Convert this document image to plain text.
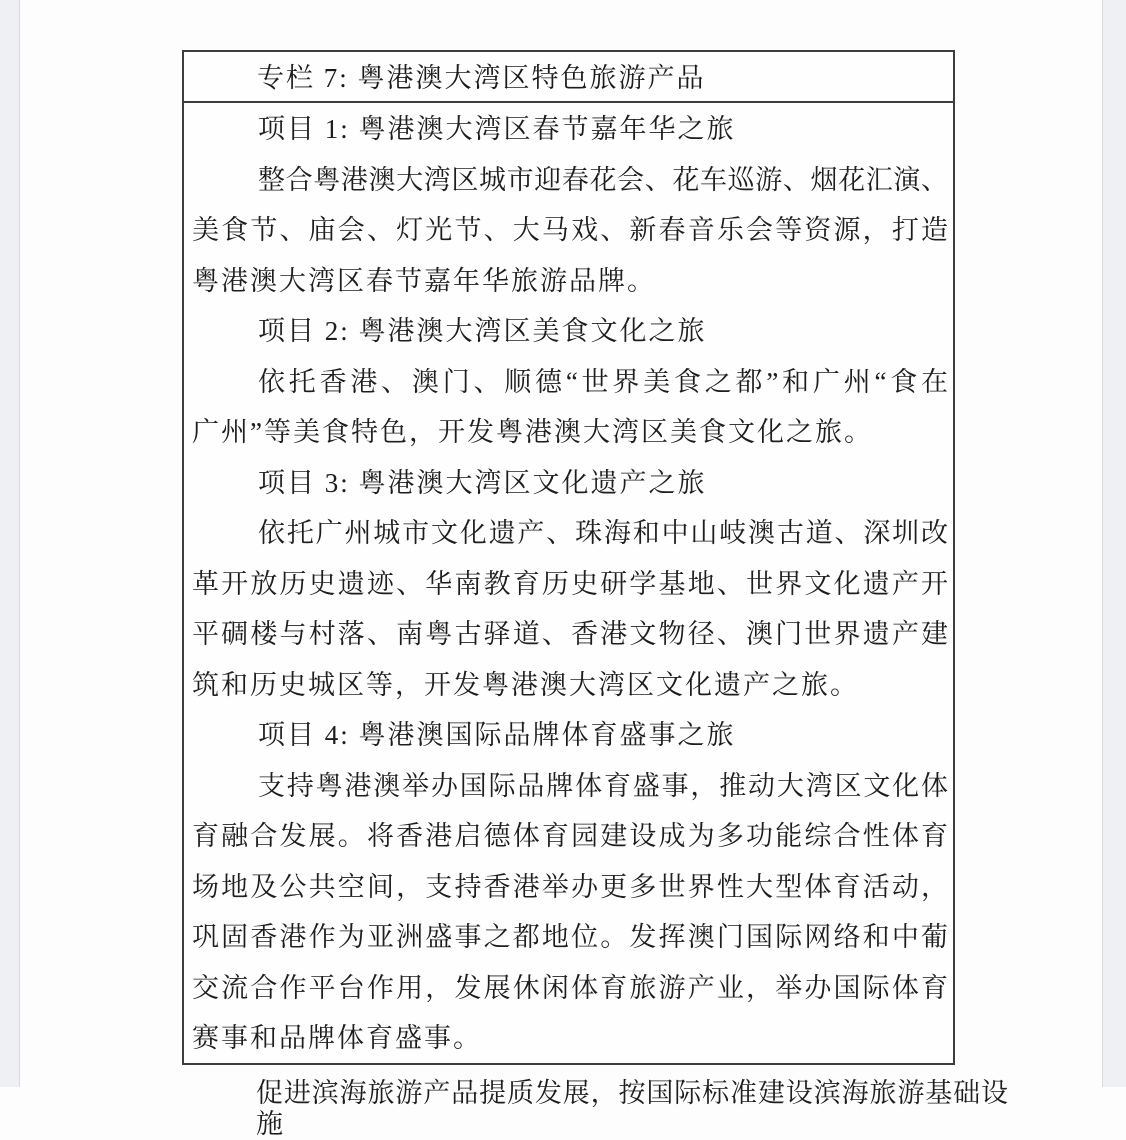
专栏 7: 粤港澳大湾区特色旅游产品
项目 1: 粤港澳大湾区春节嘉年华之旅
整合粤港澳大湾区城市迎春花会、花车巡游、烟花汇演、
美食节、庙会、灯光节、大马戏、新春音乐会等资源，打造
粤港澳大湾区春节嘉年华旅游品牌。
项目 2: 粤港澳大湾区美食文化之旅
依托香港、澳门、顺德“世界美食之都”和广州“食在
广州”等美食特色，开发粤港澳大湾区美食文化之旅。
项目 3: 粤港澳大湾区文化遗产之旅
依托广州城市文化遗产、珠海和中山岐澳古道、深圳改
革开放历史遗迹、华南教育历史研学基地、世界文化遗产开
平碉楼与村落、南粤古驿道、香港文物径、澳门世界遗产建
筑和历史城区等，开发粤港澳大湾区文化遗产之旅。
项目 4: 粤港澳国际品牌体育盛事之旅
支持粤港澳举办国际品牌体育盛事，推动大湾区文化体
育融合发展。将香港启德体育园建设成为多功能综合性体育
场地及公共空间，支持香港举办更多世界性大型体育活动，
巩固香港作为亚洲盛事之都地位。发挥澳门国际网络和中葡
交流合作平台作用，发展休闲体育旅游产业，举办国际体育
赛事和品牌体育盛事。
促进滨海旅游产品提质发展，按国际标准建设滨海旅游基础设施
